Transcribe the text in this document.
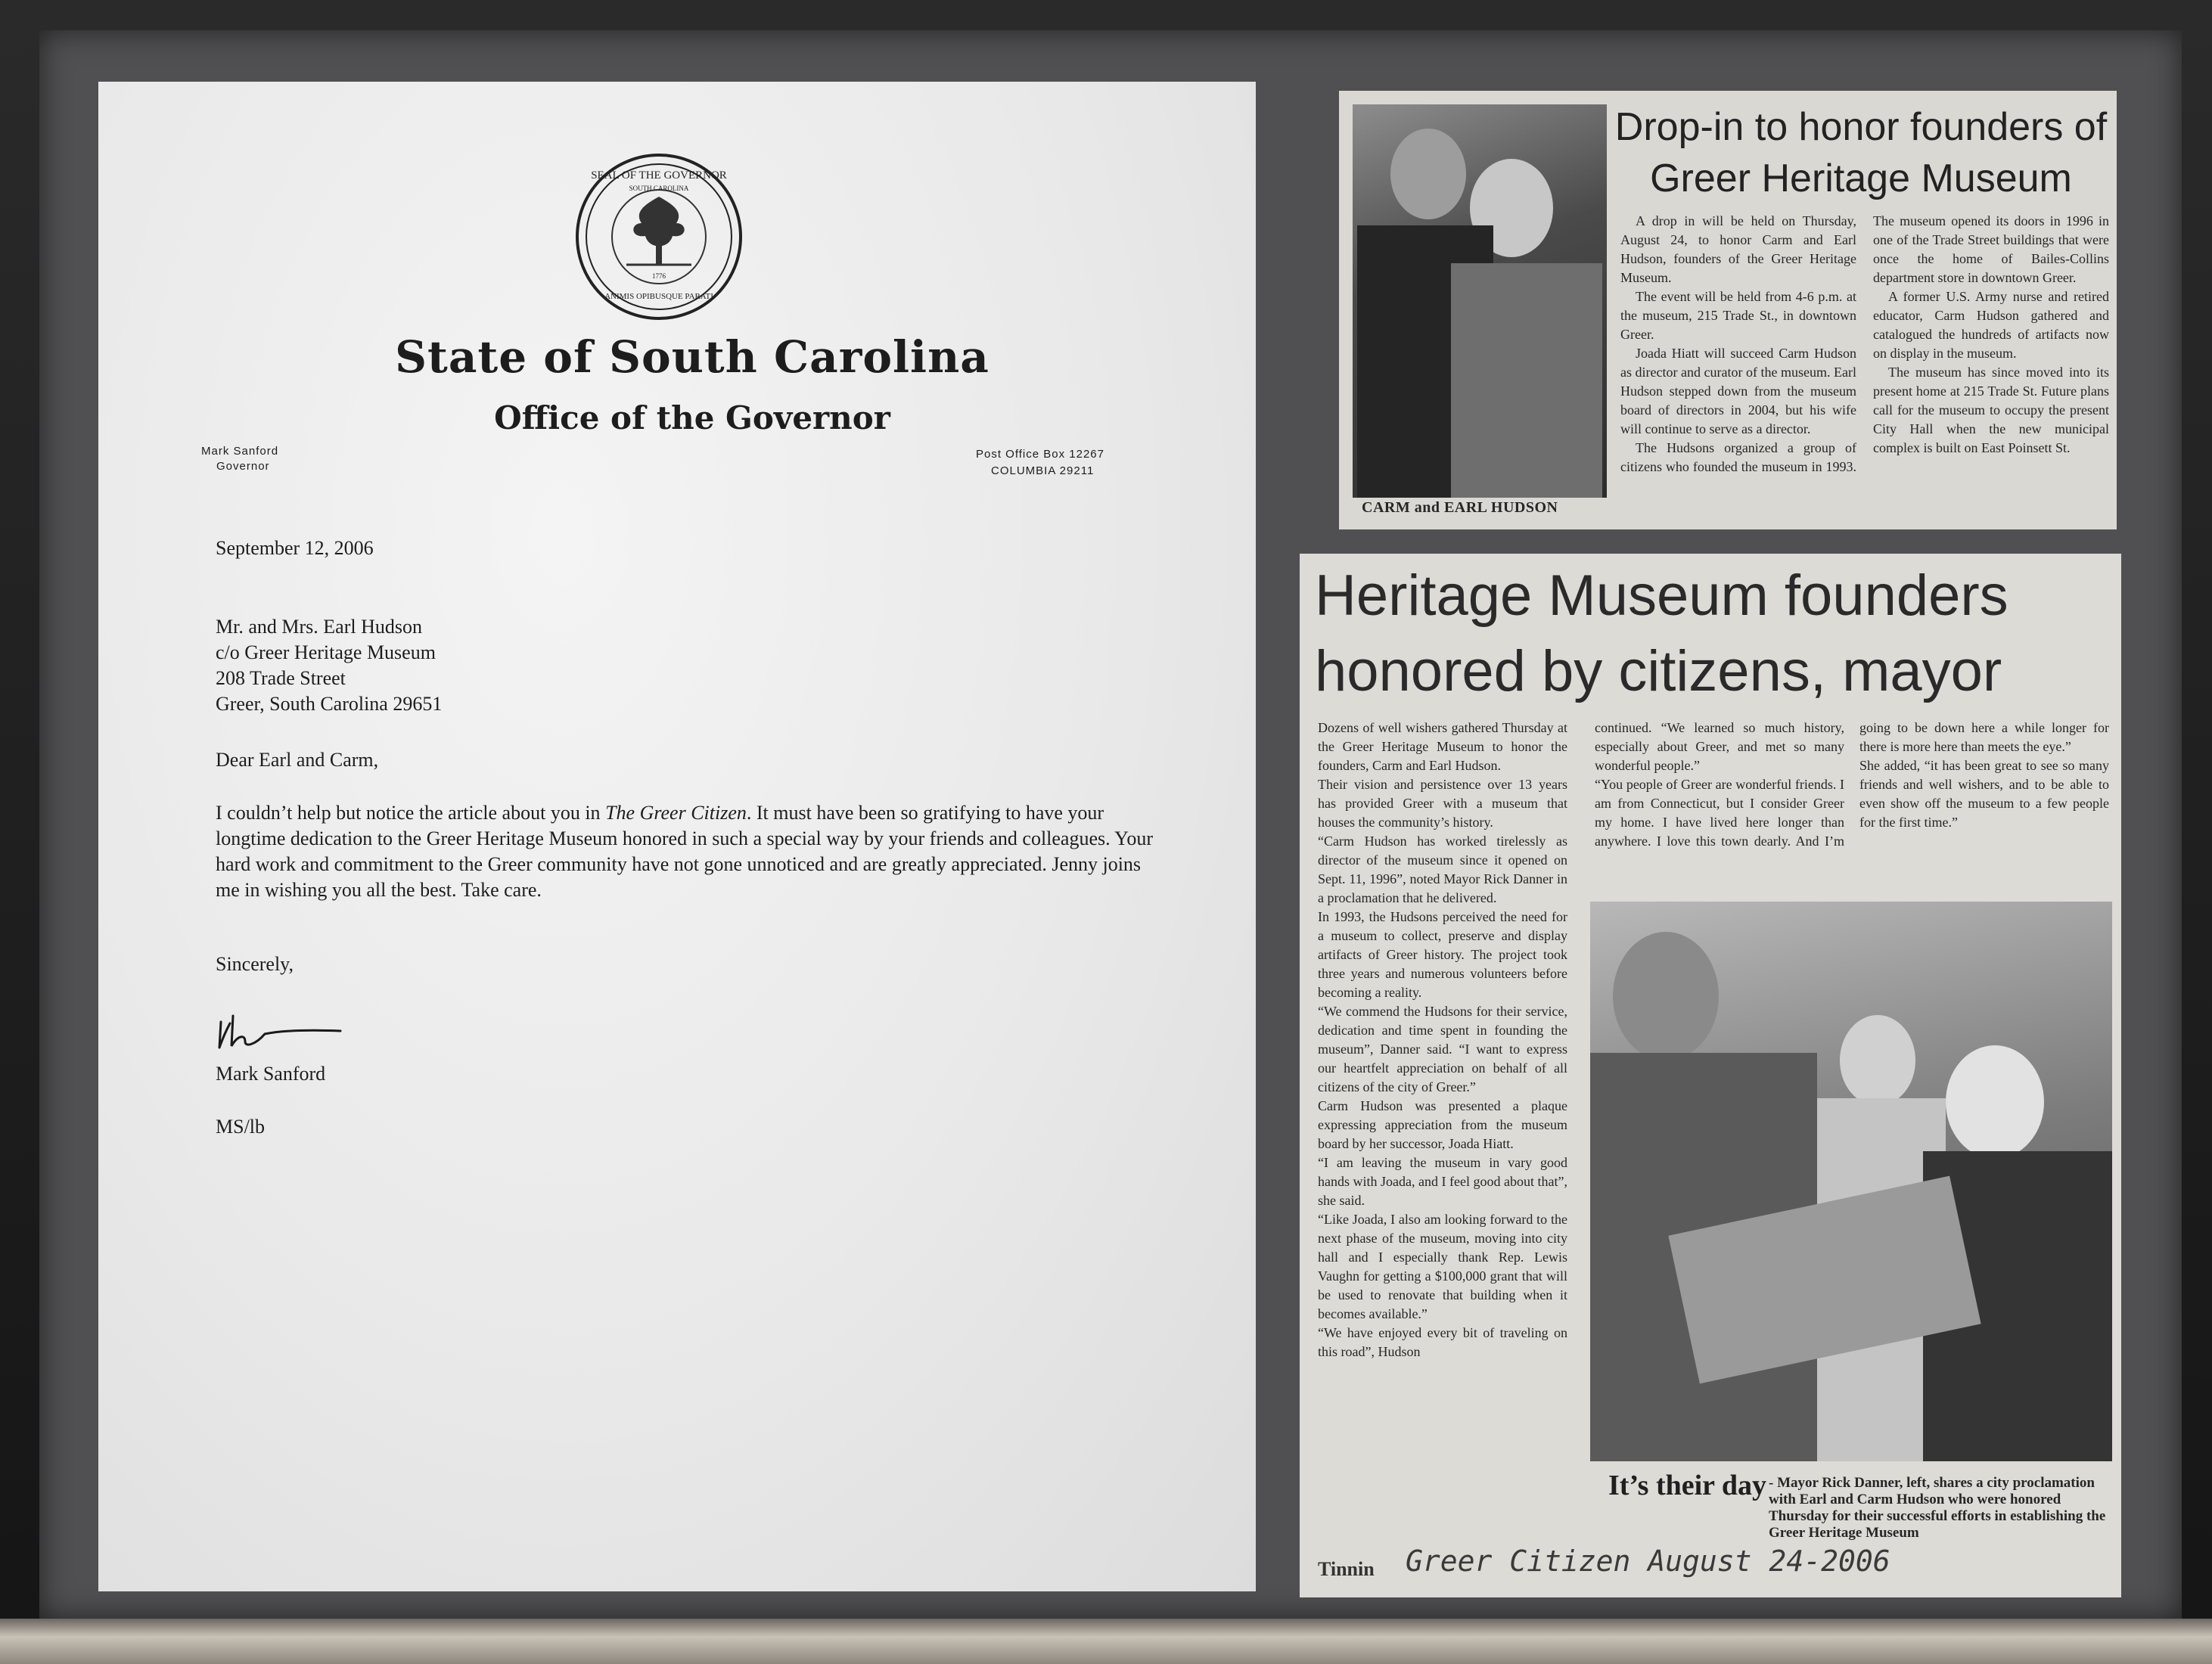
SEAL OF THE GOVERNOR
SOUTH CAROLINA
1776
ANIMIS OPIBUSQUE PARATI
State of South Carolina
Office of the Governor
Mark Sanford
Governor
Post Office Box 12267
COLUMBIA 29211
September 12, 2006
Mr. and Mrs. Earl Hudson
c/o Greer Heritage Museum
208 Trade Street
Greer, South Carolina 29651
Dear Earl and Carm,
I couldn’t help but notice the article about you in The Greer Citizen. It must have been so gratifying to have your longtime dedication to the Greer Heritage Museum honored in such a special way by your friends and colleagues. Your hard work and commitment to the Greer community have not gone unnoticed and are greatly appreciated. Jenny joins me in wishing you all the best. Take care.
Sincerely,
Mark Sanford
MS/lb
CARM and EARL HUDSON
Drop-in to honor founders of Greer Heritage Museum

A drop in will be held on Thursday, August 24, to honor Carm and Earl Hudson, founders of the Greer Heritage Museum.

The event will be held from 4-6 p.m. at the museum, 215 Trade St., in downtown Greer.

Joada Hiatt will succeed Carm Hudson as director and curator of the museum. Earl Hudson stepped down from the museum board of directors in 2004, but his wife will continue to serve as a director.

The Hudsons organized a group of citizens who founded the museum in 1993. The museum opened its doors in 1996 in one of the Trade Street buildings that were once the home of Bailes-Collins department store in downtown Greer.

A former U.S. Army nurse and retired educator, Carm Hudson gathered and catalogued the hundreds of artifacts now on display in the museum.

The museum has since moved into its present home at 215 Trade St. Future plans call for the museum to occupy the present City Hall when the new municipal complex is built on East Poinsett St.

Heritage Museum founders honored by citizens, mayor

Dozens of well wishers gathered Thursday at the Greer Heritage Museum to honor the founders, Carm and Earl Hudson.

Their vision and persistence over 13 years has provided Greer with a museum that houses the community’s history.

“Carm Hudson has worked tirelessly as director of the museum since it opened on Sept. 11, 1996”, noted Mayor Rick Danner in a proclamation that he delivered.

In 1993, the Hudsons perceived the need for a museum to collect, preserve and display artifacts of Greer history. The project took three years and numerous volunteers before becoming a reality.

“We commend the Hudsons for their service, dedication and time spent in founding the museum”, Danner said. “I want to express our heartfelt appreciation on behalf of all citizens of the city of Greer.”

Carm Hudson was presented a plaque expressing appreciation from the museum board by her successor, Joada Hiatt.

“I am leaving the museum in vary good hands with Joada, and I feel good about that”, she said.

“Like Joada, I also am looking forward to the next phase of the museum, moving into city hall and I especially thank Rep. Lewis Vaughn for getting a $100,000 grant that will be used to renovate that building when it becomes available.”

“We have enjoyed every bit of traveling on this road”, Hudson

continued. “We learned so much history, especially about Greer, and met so many wonderful people.”

“You people of Greer are wonderful friends. I am from Connecticut, but I consider Greer my home. I have lived here longer than anywhere. I love this town dearly. And I’m going to be down here a while longer for there is more here than meets the eye.”

She added, “it has been great to see so many friends and well wishers, and to be able to even show off the museum to a few people for the first time.”

It’s their day - Mayor Rick Danner, left, shares a city proclamation with Earl and Carm Hudson who were honored Thursday for their successful efforts in establishing the Greer Heritage Museum
Tinnin Greer Citizen August 24-2006
